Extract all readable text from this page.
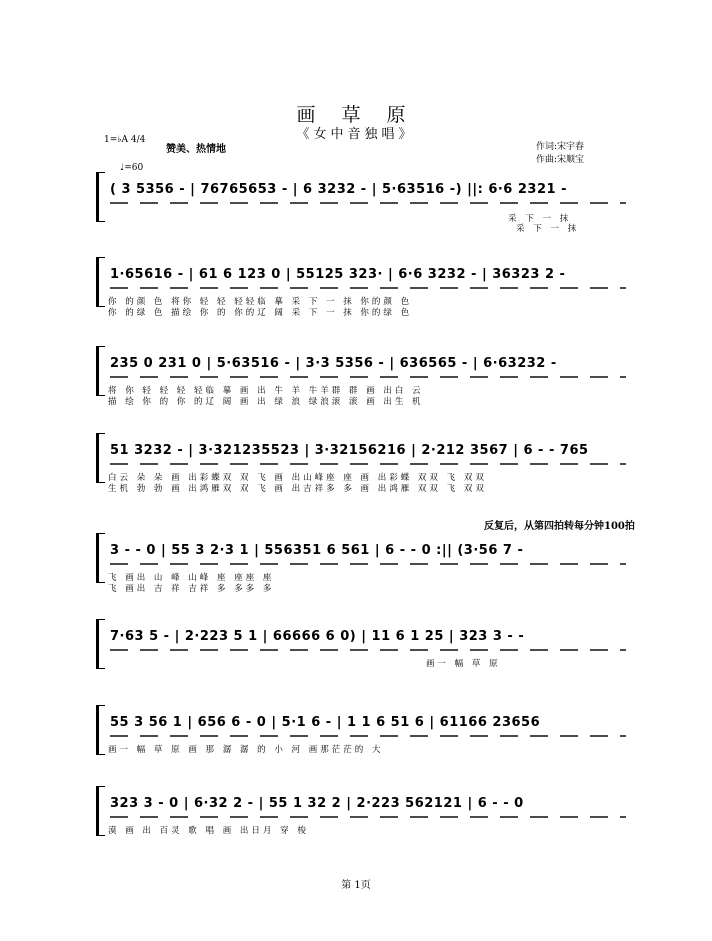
画 草 原
《女中音独唱》
1=♭A 4/4
♩=60
赞美、热情地	作词:宋宇春
作曲:宋顺宝
反复后，从第四拍转每分钟100拍
( 3 5356 - | 76765653 - | 6 3232 - | 5·63516 -) ||: 6·6 2321 -
采 下 一 抹
采 下 一 抹
1·65616 - | 61 6 123 0 | 55125 323· | 6·6 3232 - | 36323 2 -
你 的颜 色 将你 轻 轻 轻轻临 摹 采 下 一 抹 你的颜 色
你 的绿 色 描绘 你 的 你的辽 阔 采 下 一 抹 你的绿 色
235 0 231 0 | 5·63516 - | 3·3 5356 - | 636565 - | 6·63232 -
将 你 轻 轻 轻 轻临 摹 画 出 牛 羊 牛羊群 群 画 出白 云
描 绘 你 的 你 的辽 阔 画 出 绿 浪 绿浪滚 滚 画 出生 机
51 3232 - | 3·321235523 | 3·32156216 | 2·212 3567 | 6 - - 765
白云 朵 朵 画 出彩蝶双 双 飞 画 出山峰座 座 画 出彩蝶 双双 飞 双双
生机 勃 勃 画 出鸿雁双 双 飞 画 出吉祥多 多 画 出鸿雁 双双 飞 双双
3 - - 0 | 55 3 2·3 1 | 556351 6 561 | 6 - - 0 :|| (3·56 7 -
飞 画出 山 峰 山峰 座 座座 座
飞 画出 吉 祥 吉祥 多 多多 多
7·63 5 - | 2·223 5 1 | 66666 6 0) | 11 6 1 25 | 323 3 - -
画一 幅 草 原
55 3 56 1 | 656 6 - 0 | 5·1 6 - | 1 1 6 51 6 | 61166 23656
画一 幅 草 原 画 那 潺 潺 的 小 河 画那茫茫的 大
323 3 - 0 | 6·32 2 - | 55 1 32 2 | 2·223 562121 | 6 - - 0
漠 画 出 百灵 歌 唱 画 出日月 穿 梭
第 1页
